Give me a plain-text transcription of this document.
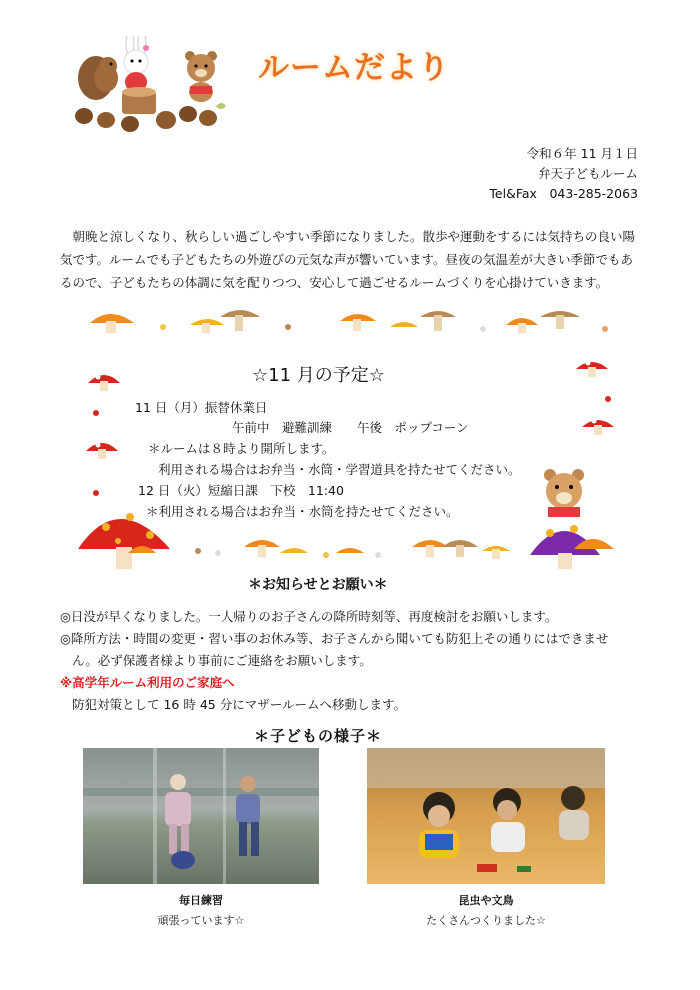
ルームだより
令和６年 11 月１日
弁天子どもルーム
Tel&Fax　043-285-2063
朝晩と涼しくなり、秋らしい過ごしやすい季節になりました。散歩や運動をするには気持ちの良い陽気です。ルームでも子どもたちの外遊びの元気な声が響いています。昼夜の気温差が大きい季節でもあるので、子どもたちの体調に気を配りつつ、安心して過ごせるルームづくりを心掛けていきます。
☆11 月の予定☆
11 日（月）振替休業日
午前中　避難訓練　　午後　ポップコーン
＊ルームは８時より開所します。
利用される場合はお弁当・水筒・学習道具を持たせてください。
12 日（火）短縮日課　下校　11:40
＊利用される場合はお弁当・水筒を持たせてください。
＊お知らせとお願い＊
◎日没が早くなりました。一人帰りのお子さんの降所時刻等、再度検討をお願いします。
◎降所方法・時間の変更・習い事のお休み等、お子さんから聞いても防犯上その通りにはできませ
ん。必ず保護者様より事前にご連絡をお願いします。
※高学年ルーム利用のご家庭へ
防犯対策として 16 時 45 分にマザールームへ移動します。
＊子どもの様子＊
毎日練習
頑張っています☆
昆虫や文鳥
たくさんつくりました☆
